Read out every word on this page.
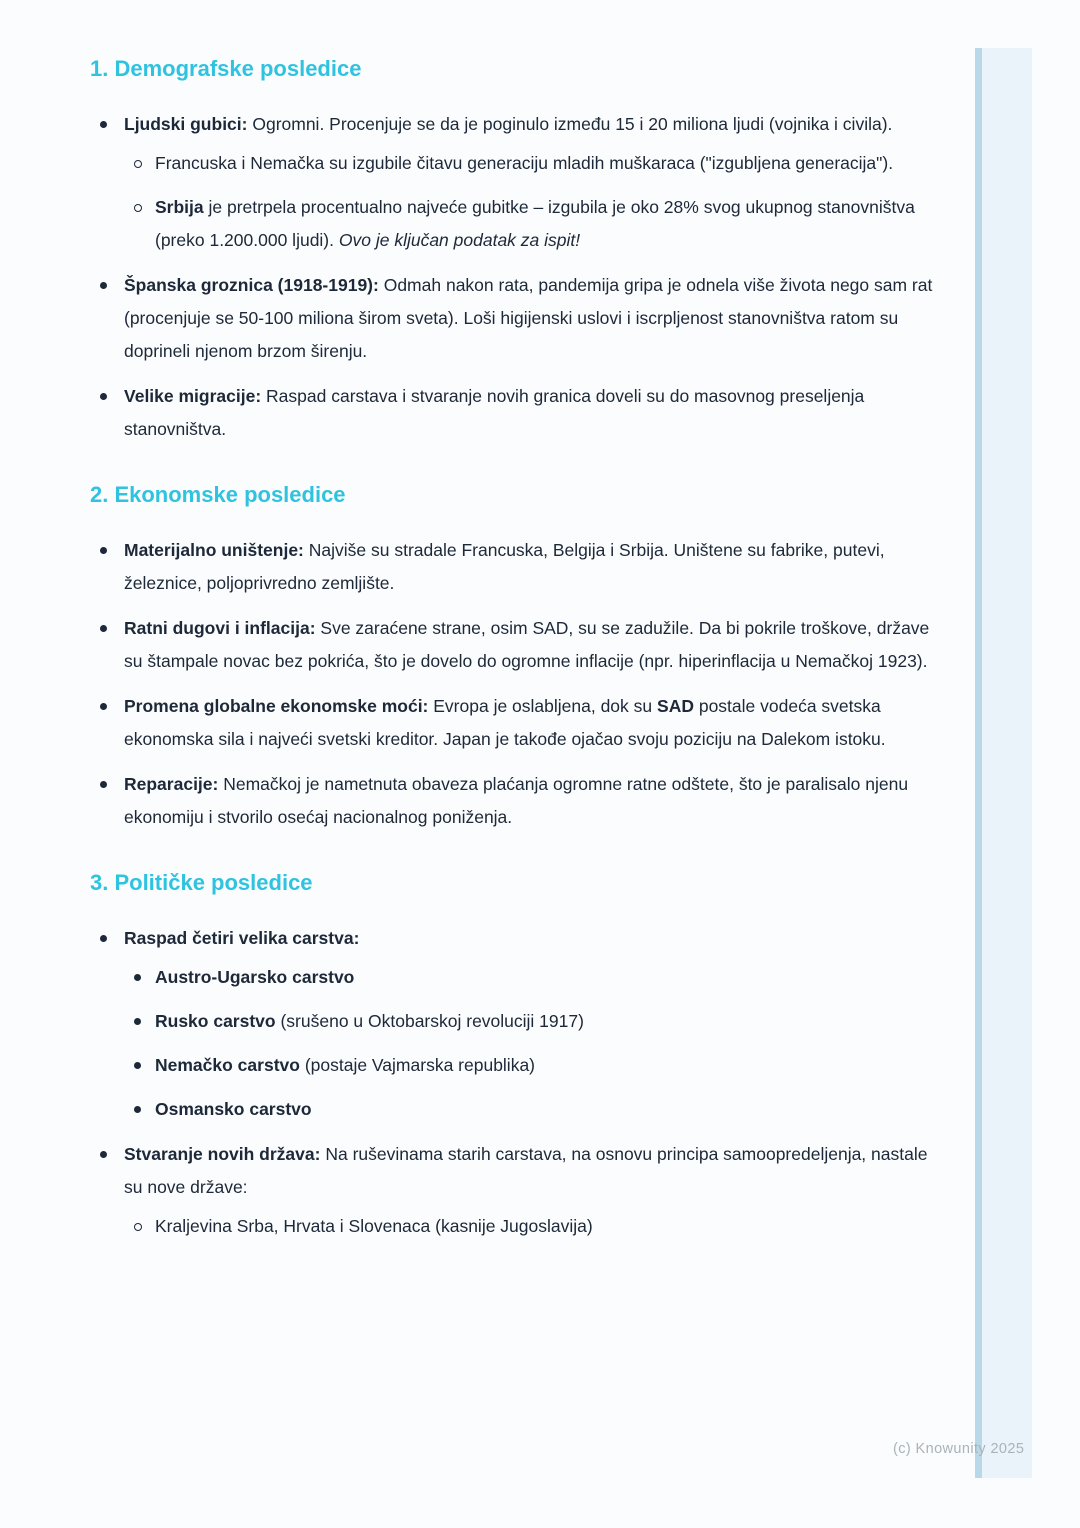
(c) Knowunity 2025
1. Demografske posledice
Ljudski gubici: Ogromni. Procenjuje se da je poginulo između 15 i 20 miliona ljudi (vojnika i civila).
Francuska i Nemačka su izgubile čitavu generaciju mladih muškaraca ("izgubljena generacija").
Srbija je pretrpela procentualno najveće gubitke – izgubila je oko 28% svog ukupnog stanovništva (preko 1.200.000 ljudi). Ovo je ključan podatak za ispit!
Španska groznica (1918-1919): Odmah nakon rata, pandemija gripa je odnela više života nego sam rat (procenjuje se 50-100 miliona širom sveta). Loši higijenski uslovi i iscrpljenost stanovništva ratom su doprineli njenom brzom širenju.
Velike migracije: Raspad carstava i stvaranje novih granica doveli su do masovnog preseljenja stanovništva.
2. Ekonomske posledice
Materijalno uništenje: Najviše su stradale Francuska, Belgija i Srbija. Uništene su fabrike, putevi, železnice, poljoprivredno zemljište.
Ratni dugovi i inflacija: Sve zaraćene strane, osim SAD, su se zadužile. Da bi pokrile troškove, države su štampale novac bez pokrića, što je dovelo do ogromne inflacije (npr. hiperinflacija u Nemačkoj 1923).
Promena globalne ekonomske moći: Evropa je oslabljena, dok su SAD postale vodeća svetska ekonomska sila i najveći svetski kreditor. Japan je takođe ojačao svoju poziciju na Dalekom istoku.
Reparacije: Nemačkoj je nametnuta obaveza plaćanja ogromne ratne odštete, što je paralisalo njenu ekonomiju i stvorilo osećaj nacionalnog poniženja.
3. Političke posledice
Raspad četiri velika carstva:
Austro-Ugarsko carstvo
Rusko carstvo (srušeno u Oktobarskoj revoluciji 1917)
Nemačko carstvo (postaje Vajmarska republika)
Osmansko carstvo
Stvaranje novih država: Na ruševinama starih carstava, na osnovu principa samoopredeljenja, nastale su nove države:
Kraljevina Srba, Hrvata i Slovenaca (kasnije Jugoslavija)
